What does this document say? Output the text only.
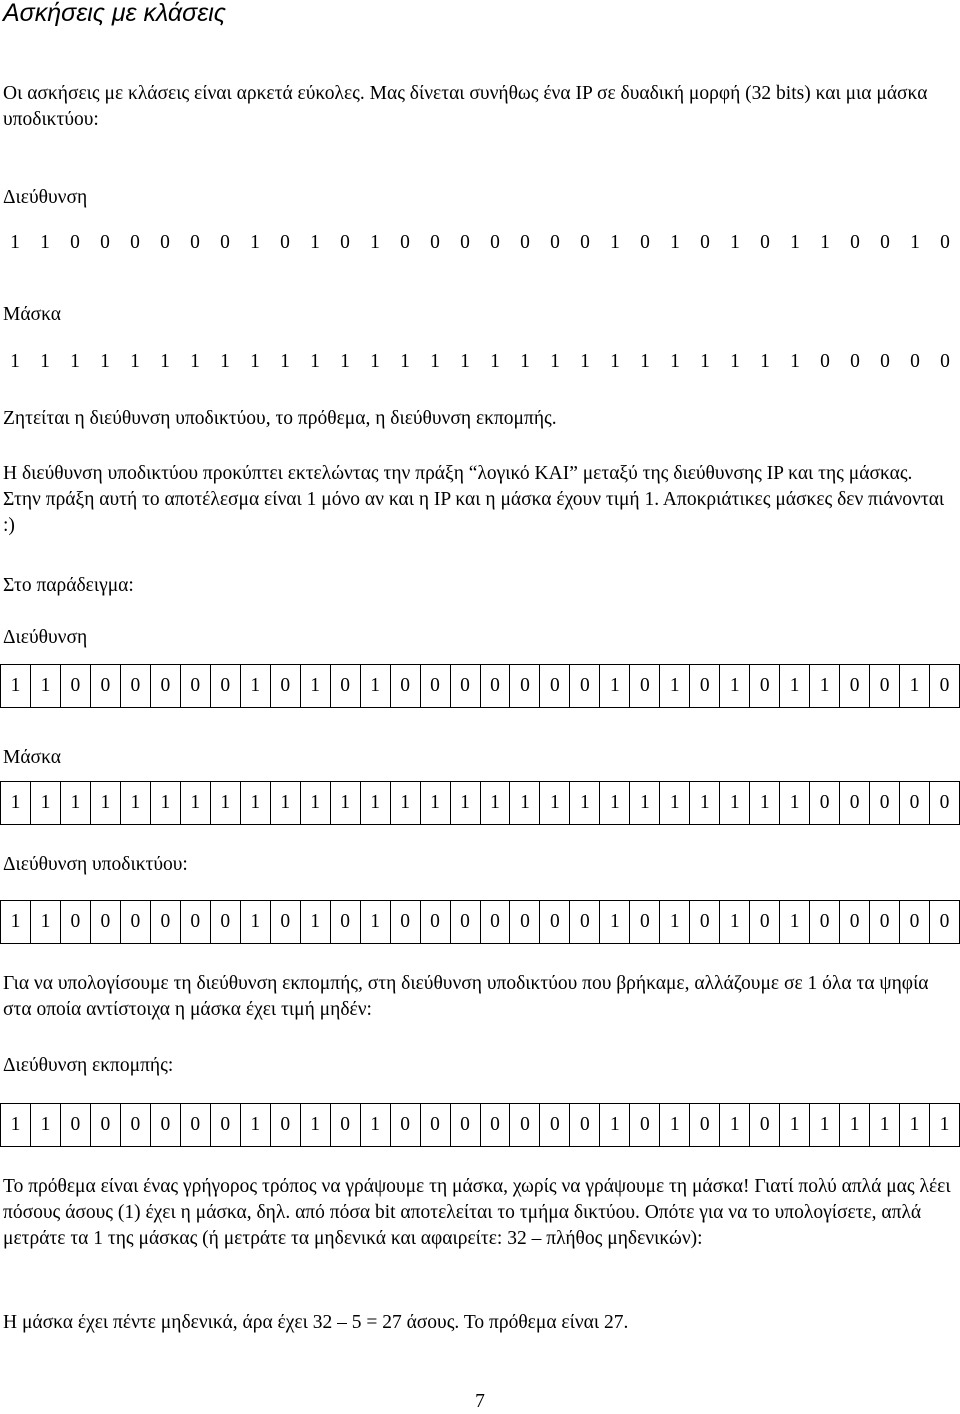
Ασκήσεις με κλάσεις
Οι ασκήσεις με κλάσεις είναι αρκετά εύκολες. Μας δίνεται συνήθως ένα IP σε δυαδική μορφή (32 bits) και μια μάσκα υποδικτύου:
Διεύθυνση
1	1	0	0	0	0	0	0	1	0	1	0	1	0	0	0	0	0	0	0	1	0	1	0	1	0	1	1	0	0	1	0
Μάσκα
1	1	1	1	1	1	1	1	1	1	1	1	1	1	1	1	1	1	1	1	1	1	1	1	1	1	1	0	0	0	0	0
Ζητείται η διεύθυνση υποδικτύου, το πρόθεμα, η διεύθυνση εκπομπής.
Η διεύθυνση υποδικτύου προκύπτει εκτελώντας την πράξη “λογικό ΚΑΙ” μεταξύ της διεύθυνσης IP και της μάσκας. Στην πράξη αυτή το αποτέλεσμα είναι 1 μόνο αν και η IP και η μάσκα έχουν τιμή 1. Αποκριάτικες μάσκες δεν πιάνονται :)
Στο παράδειγμα:
Διεύθυνση
1	1	0	0	0	0	0	0	1	0	1	0	1	0	0	0	0	0	0	0	1	0	1	0	1	0	1	1	0	0	1	0
Μάσκα
1	1	1	1	1	1	1	1	1	1	1	1	1	1	1	1	1	1	1	1	1	1	1	1	1	1	1	0	0	0	0	0
Διεύθυνση υποδικτύου:
1	1	0	0	0	0	0	0	1	0	1	0	1	0	0	0	0	0	0	0	1	0	1	0	1	0	1	0	0	0	0	0
Για να υπολογίσουμε τη διεύθυνση εκπομπής, στη διεύθυνση υποδικτύου που βρήκαμε, αλλάζουμε σε 1 όλα τα ψηφία στα οποία αντίστοιχα η μάσκα έχει τιμή μηδέν:
Διεύθυνση εκπομπής:
1	1	0	0	0	0	0	0	1	0	1	0	1	0	0	0	0	0	0	0	1	0	1	0	1	0	1	1	1	1	1	1
Το πρόθεμα είναι ένας γρήγορος τρόπος να γράψουμε τη μάσκα, χωρίς να γράψουμε τη μάσκα! Γιατί πολύ απλά μας λέει πόσους άσους (1) έχει η μάσκα, δηλ. από πόσα bit αποτελείται το τμήμα δικτύου. Οπότε για να το υπολογίσετε, απλά μετράτε τα 1 της μάσκας (ή μετράτε τα μηδενικά και αφαιρείτε: 32 – πλήθος μηδενικών):
Η μάσκα έχει πέντε μηδενικά, άρα έχει 32 – 5 = 27 άσους. Το πρόθεμα είναι 27.
7
